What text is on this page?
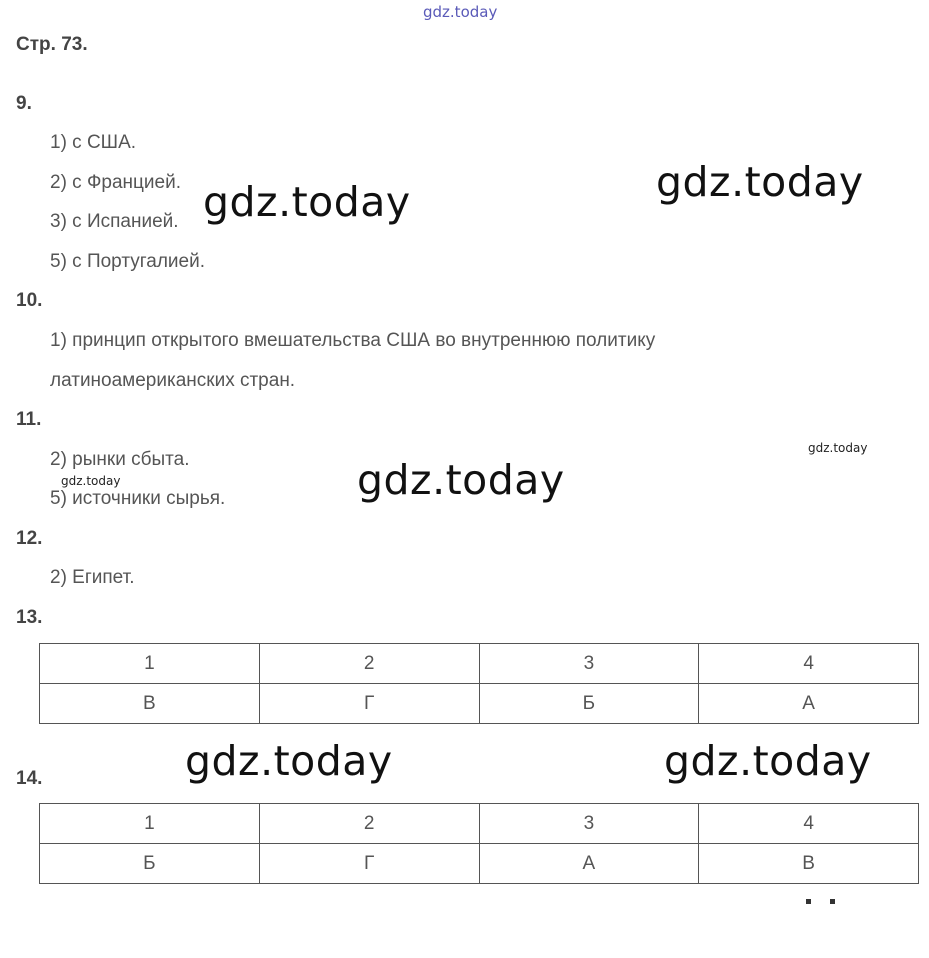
gdz.today
Стр. 73.
9.
1) с США.
2) с Францией.
3) с Испанией.
5) с Португалией.
10.
1) принцип открытого вмешательства США во внутреннюю политику
латиноамериканских стран.
11.
2) рынки сбыта.
5) источники сырья.
12.
2) Египет.
13.
1	2	3	4
В	Г	Б	А
14.
1	2	3	4
Б	Г	А	В
gdz.today
gdz.today
gdz.today
gdz.today	gdz.today
gdz.today
gdz.today
